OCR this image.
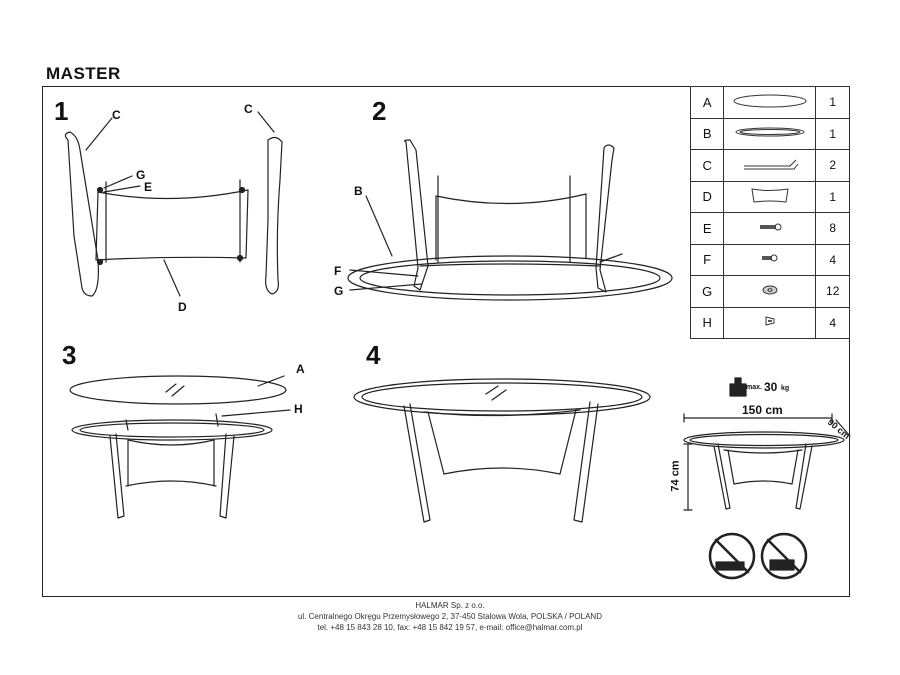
MASTER
1	2
3	4
C	C
G
E
D
B
F
G
A
H
A		1
B		1
C		2
D		1
E		8
F		4
G		12
H		4
max. 30 kg
150 cm
90 cm
74 cm
HALMAR Sp. z o.o.
ul. Centralnego Okręgu Przemysłowego 2, 37-450 Stalowa Wola, POLSKA / POLAND
tel. +48 15 843 28 10, fax: +48 15 842 19 57, e-mail: office@halmar.com.pl
